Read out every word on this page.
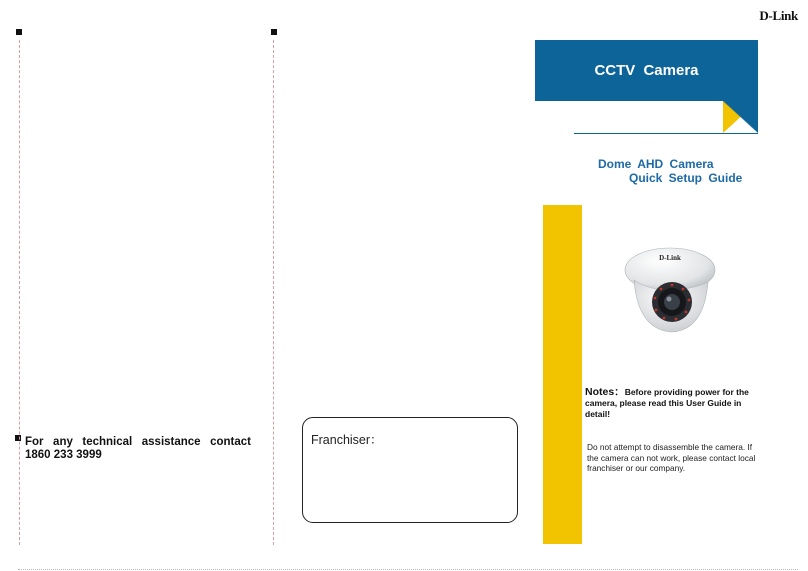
D-Link
CCTV Camera
Dome AHD Camera
Quick Setup Guide
D-Link
Notes：Before providing power for the camera, please read this User Guide in detail!
Do not attempt to disassemble the camera. If the camera can not work, please contact local franchiser or our company.
For any technical assistance contact
1860 233 3999
Franchiser：
